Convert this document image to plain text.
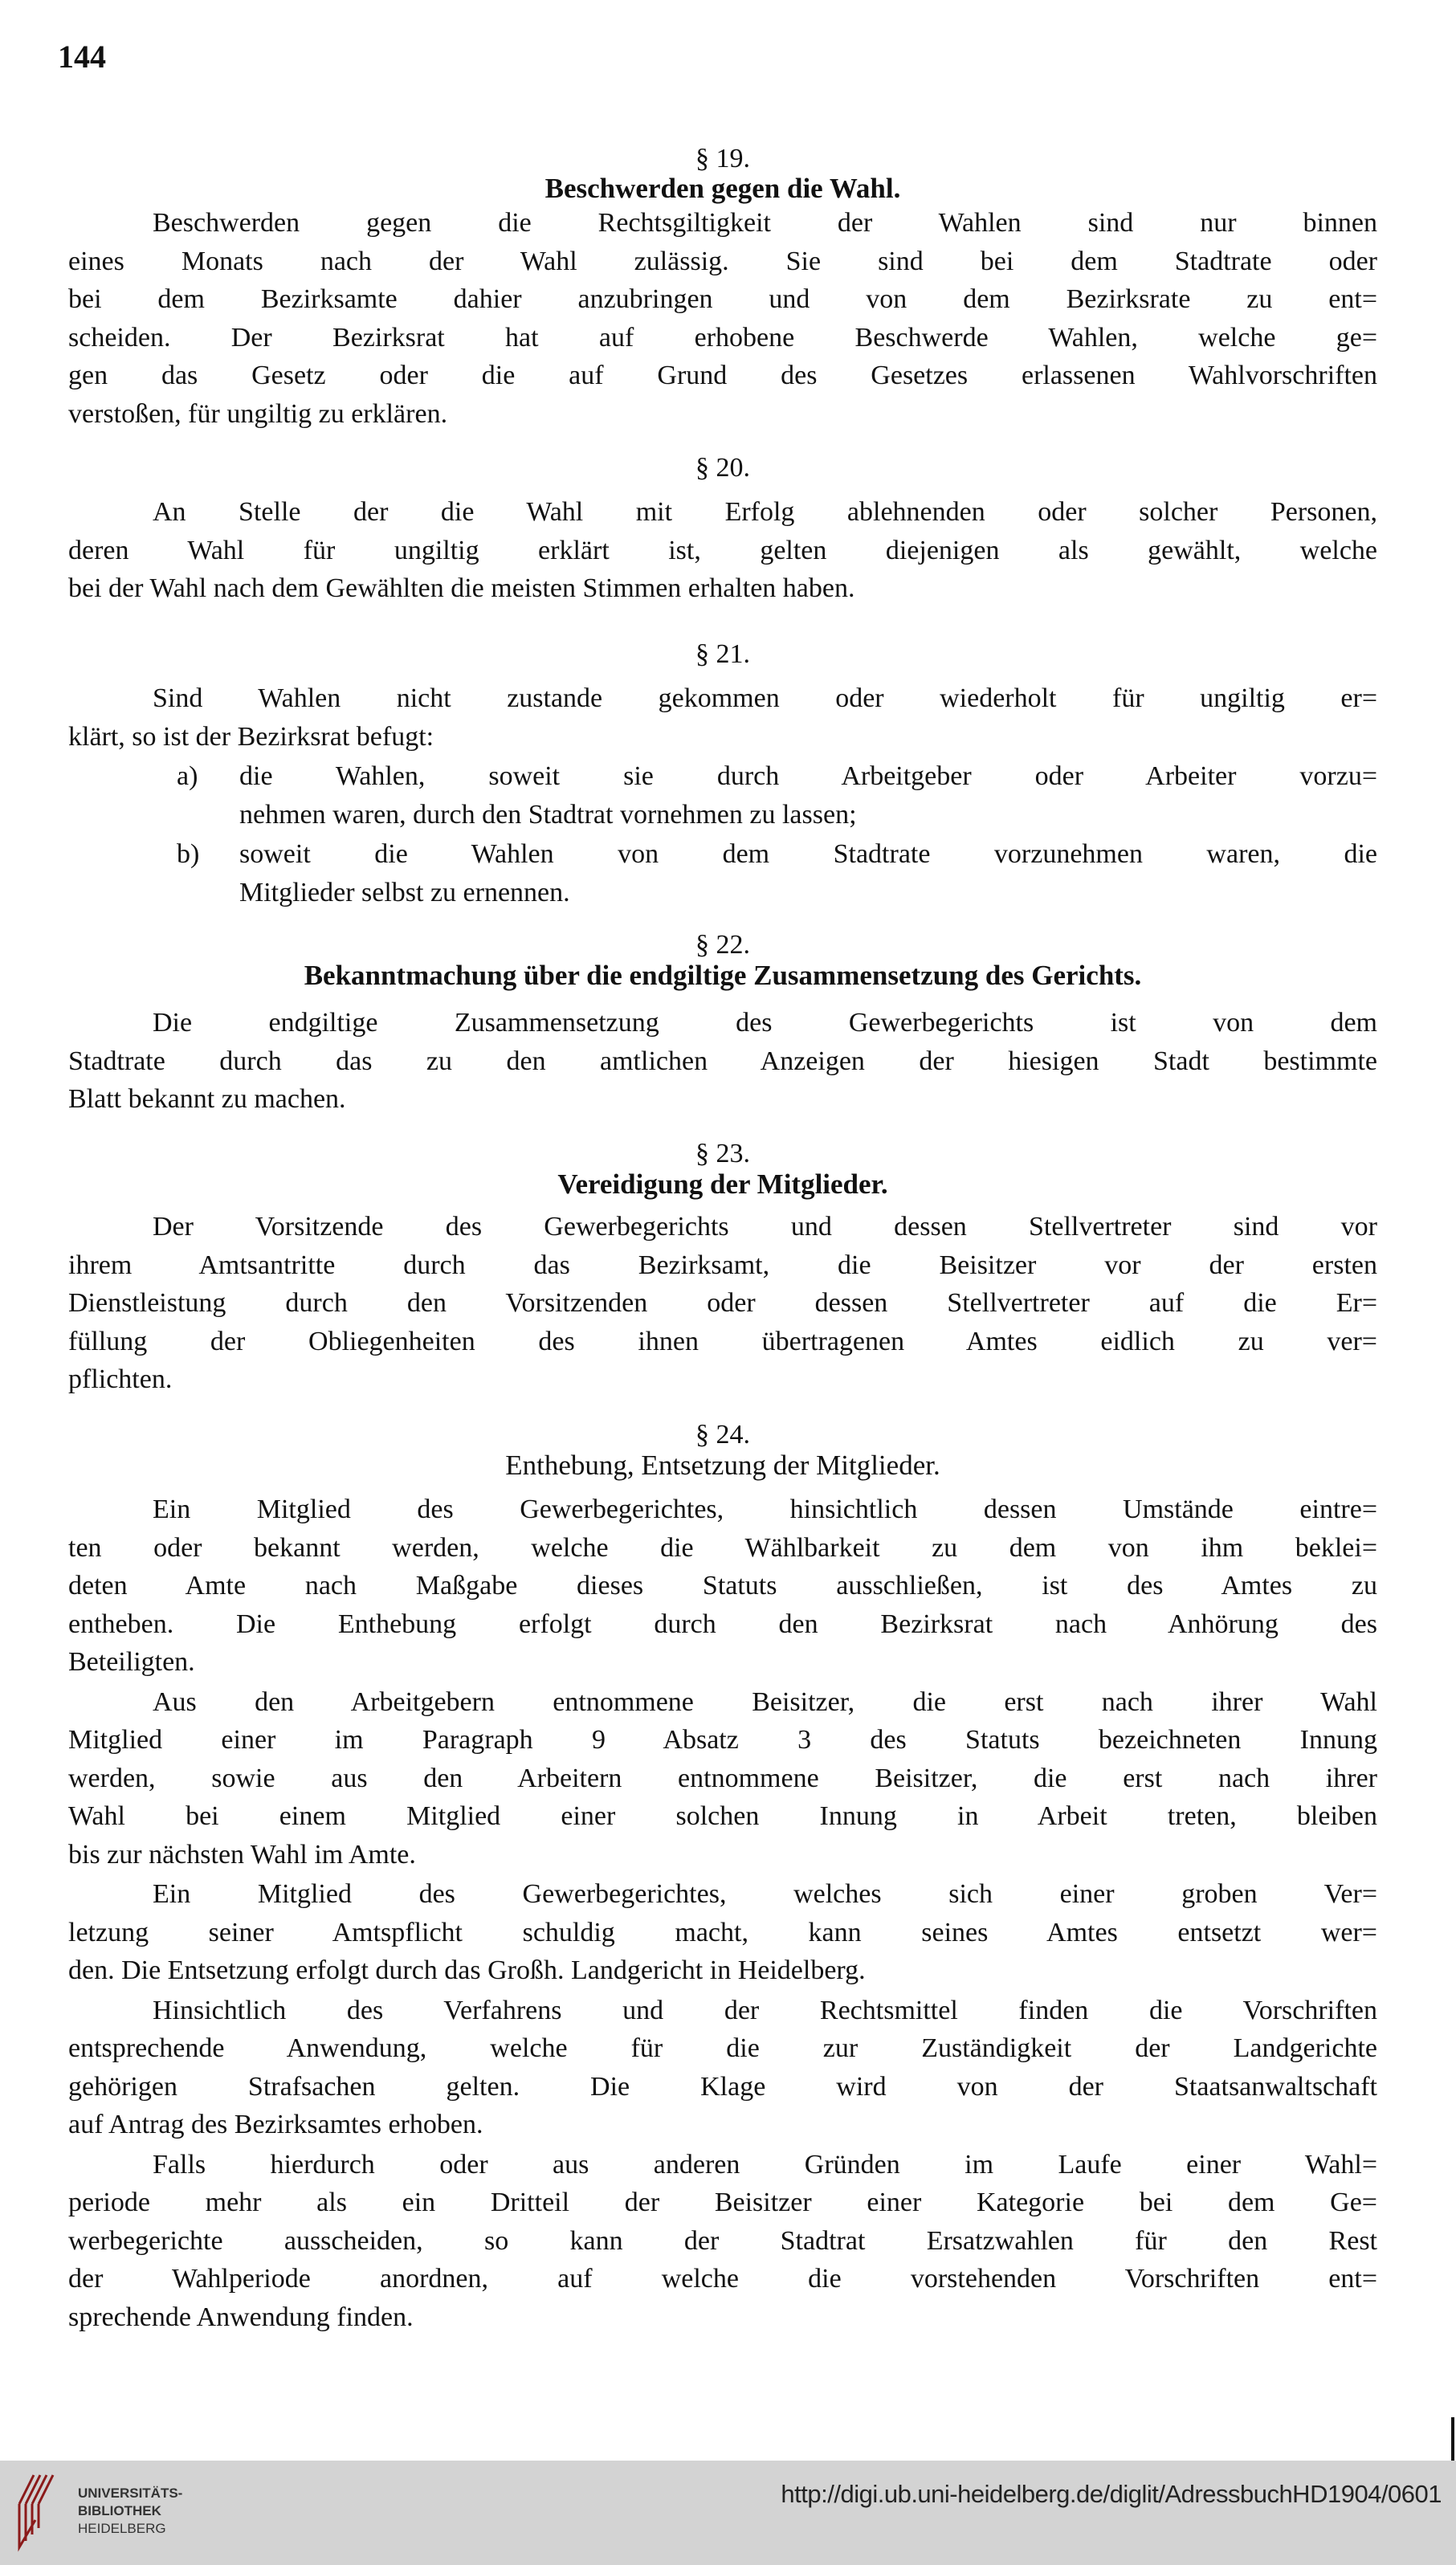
144
§ 19.
Beschwerden gegen die Wahl.
Beschwerden gegen die Rechtsgiltigkeit der Wahlen sind nur binnen
eines Monats nach der Wahl zulässig. Sie sind bei dem Stadtrate oder
bei dem Bezirksamte dahier anzubringen und von dem Bezirksrate zu ent=
scheiden. Der Bezirksrat hat auf erhobene Beschwerde Wahlen, welche ge=
gen das Gesetz oder die auf Grund des Gesetzes erlassenen Wahlvorschriften
verstoßen, für ungiltig zu erklären.
§ 20.
An Stelle der die Wahl mit Erfolg ablehnenden oder solcher Personen,
deren Wahl für ungiltig erklärt ist, gelten diejenigen als gewählt, welche
bei der Wahl nach dem Gewählten die meisten Stimmen erhalten haben.
§ 21.
Sind Wahlen nicht zustande gekommen oder wiederholt für ungiltig er=
klärt, so ist der Bezirksrat befugt:
a) die Wahlen, soweit sie durch Arbeitgeber oder Arbeiter vorzu=
nehmen waren, durch den Stadtrat vornehmen zu lassen;
b) soweit die Wahlen von dem Stadtrate vorzunehmen waren, die
Mitglieder selbst zu ernennen.
§ 22.
Bekanntmachung über die endgiltige Zusammensetzung des Gerichts.
Die endgiltige Zusammensetzung des Gewerbegerichts ist von dem
Stadtrate durch das zu den amtlichen Anzeigen der hiesigen Stadt bestimmte
Blatt bekannt zu machen.
§ 23.
Vereidigung der Mitglieder.
Der Vorsitzende des Gewerbegerichts und dessen Stellvertreter sind vor
ihrem Amtsantritte durch das Bezirksamt, die Beisitzer vor der ersten
Dienstleistung durch den Vorsitzenden oder dessen Stellvertreter auf die Er=
füllung der Obliegenheiten des ihnen übertragenen Amtes eidlich zu ver=
pflichten.
§ 24.
Enthebung, Entsetzung der Mitglieder.
Ein Mitglied des Gewerbegerichtes, hinsichtlich dessen Umstände eintre=
ten oder bekannt werden, welche die Wählbarkeit zu dem von ihm beklei=
deten Amte nach Maßgabe dieses Statuts ausschließen, ist des Amtes zu
entheben. Die Enthebung erfolgt durch den Bezirksrat nach Anhörung des
Beteiligten.
Aus den Arbeitgebern entnommene Beisitzer, die erst nach ihrer Wahl
Mitglied einer im Paragraph 9 Absatz 3 des Statuts bezeichneten Innung
werden, sowie aus den Arbeitern entnommene Beisitzer, die erst nach ihrer
Wahl bei einem Mitglied einer solchen Innung in Arbeit treten, bleiben
bis zur nächsten Wahl im Amte.
Ein Mitglied des Gewerbegerichtes, welches sich einer groben Ver=
letzung seiner Amtspflicht schuldig macht, kann seines Amtes entsetzt wer=
den. Die Entsetzung erfolgt durch das Großh. Landgericht in Heidelberg.
Hinsichtlich des Verfahrens und der Rechtsmittel finden die Vorschriften
entsprechende Anwendung, welche für die zur Zuständigkeit der Landgerichte
gehörigen Strafsachen gelten. Die Klage wird von der Staatsanwaltschaft
auf Antrag des Bezirksamtes erhoben.
Falls hierdurch oder aus anderen Gründen im Laufe einer Wahl=
periode mehr als ein Dritteil der Beisitzer einer Kategorie bei dem Ge=
werbegerichte ausscheiden, so kann der Stadtrat Ersatzwahlen für den Rest
der Wahlperiode anordnen, auf welche die vorstehenden Vorschriften ent=
sprechende Anwendung finden.
UNIVERSITÄTS-
BIBLIOTHEK
HEIDELBERG
http://digi.ub.uni-heidelberg.de/diglit/AdressbuchHD1904/0601
